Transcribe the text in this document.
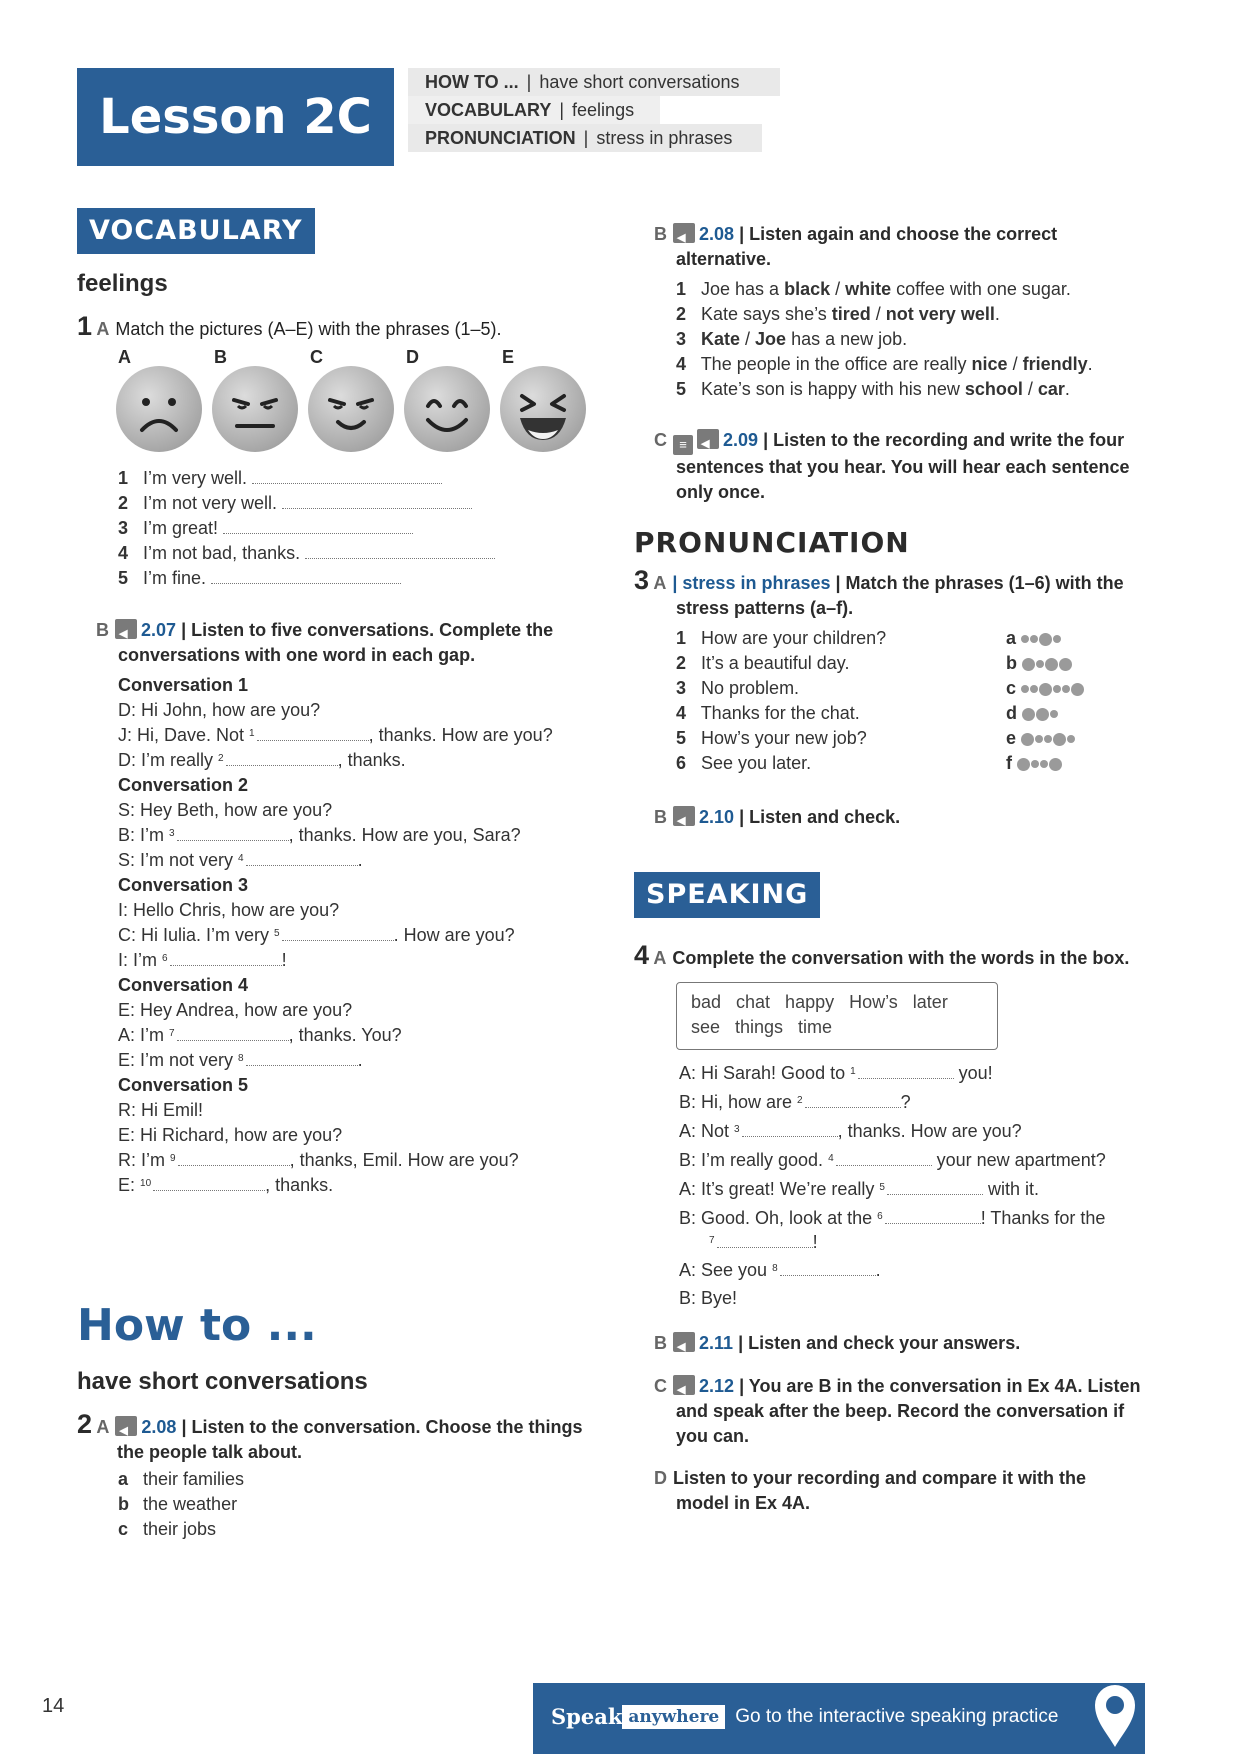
Lesson 2C
HOW TO ... | have short conversations
VOCABULARY | feelings
PRONUNCIATION | stress in phrases
VOCABULARY
feelings
1 A Match the pictures (A–E) with the phrases (1–5).
A	B	C	D	E
1 I’m very well.
2 I’m not very well.
3 I’m great!
4 I’m not bad, thanks.
5 I’m fine.
B ◀ 2.07 | Listen to five conversations. Complete the
conversations with one word in each gap.
Conversation 1
D: Hi John, how are you?
J: Hi, Dave. Not $^1$	, thanks. How are you?
D: I’m really $^2$	, thanks.
Conversation 2
S: Hey Beth, how are you?
B: I’m $^3$	, thanks. How are you, Sara?
S: I’m not very $^4$	.
Conversation 3
I: Hello Chris, how are you?
C: Hi Iulia. I’m very $^5$	. How are you?
I: I’m $^6$	!
Conversation 4
E: Hey Andrea, how are you?
A: I’m $^7$	, thanks. You?
E: I’m not very $^8$	.
Conversation 5
R: Hi Emil!
E: Hi Richard, how are you?
R: I’m $^9$	, thanks, Emil. How are you?
E: $^{10}$	, thanks.
How to ...
have short conversations
2 A ◀ 2.08 | Listen to the conversation. Choose the things
the people talk about.
a their families
b the weather
c their jobs
B ◀ 2.08 | Listen again and choose the correct
alternative.
1 Joe has a black / white coffee with one sugar.
2 Kate says she’s tired / not very well.
3 Kate / Joe has a new job.
4 The people in the office are really nice / friendly.
5 Kate’s son is happy with his new school / car.
C ≡ ◀ 2.09 | Listen to the recording and write the four
sentences that you hear. You will hear each sentence
only once.
PRONUNCIATION
3 A | stress in phrases | Match the phrases (1–6) with the
stress patterns (a–f).
1 How are your children?	a
2 It’s a beautiful day.	b
3 No problem.	c
4 Thanks for the chat.	d
5 How’s your new job?	e
6 See you later.	f
B ◀ 2.10 | Listen and check.
SPEAKING
4 A Complete the conversation with the words in the box.
bad   chat   happy   How’s   later
see   things   time
A: Hi Sarah! Good to $^1$	you!
B: Hi, how are $^2$	?
A: Not $^3$	, thanks. How are you?
B: I’m really good. $^4$	your new apartment?
A: It’s great! We’re really $^5$	with it.
B: Good. Oh, look at the $^6$	! Thanks for the
$^7$	!
A: See you $^8$	.
B: Bye!
B ◀ 2.11 | Listen and check your answers.
C ◀ 2.12 | You are B in the conversation in Ex 4A. Listen
and speak after the beep. Record the conversation if
you can.
D Listen to your recording and compare it with the
model in Ex 4A.
14	Speak anywhere Go to the interactive speaking practice
